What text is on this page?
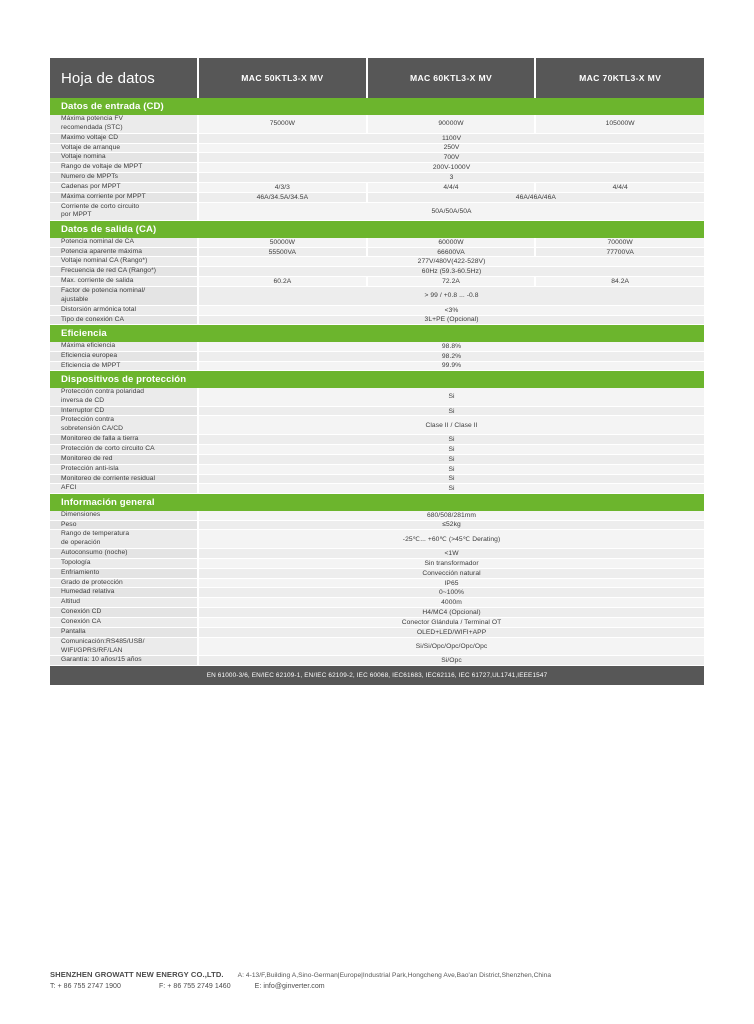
Hoja de datos	MAC 50KTL3-X MV	MAC 60KTL3-X MV	MAC 70KTL3-X MV
Datos de entrada (CD)			
Máxima potencia FV
recomendada (STC)	75000W	90000W	105000W
Maximo voltaje CD	1100V		
Voltaje de arranque	250V		
Voltaje nomina	700V		
Rango de voltaje de MPPT	200V-1000V		
Numero de MPPTs	3		
Cadenas por MPPT	4/3/3	4/4/4	4/4/4
Máxima corriente por MPPT	46A/34.5A/34.5A	46A/46A/46A	
Corriente de corto circuito
por MPPT	50A/50A/50A		
Datos de salida (CA)			
Potencia nominal de CA	50000W	60000W	70000W
Potencia aparente máxima	55500VA	66600VA	77700VA
Voltaje nominal CA (Rango*)	277V/480V(422-528V)		
Frecuencia de red CA (Rango*)	60Hz (59.3-60.5Hz)		
Max. corriente de salida	60.2A	72.2A	84.2A
Factor de potencia nominal/
ajustable	> 99 / +0.8 ... -0.8		
Distorsión armónica total	<3%		
Tipo de conexión CA	3L+PE (Opcional)		
Eficiencia			
Máxima eficiencia	98.8%		
Eficiencia europea	98.2%		
Eficiencia de MPPT	99.9%		
Dispositivos de protección			
Protección contra polaridad
inversa de CD	Si		
Interruptor CD	Si		
Protección contra
sobretensión CA/CD	Clase II / Clase II		
Monitoreo de falla a tierra	Si		
Protección de corto circuito CA	Si		
Monitoreo de red	Si		
Protección anti-isla	Si		
Monitoreo de corriente residual	Si		
AFCI	Si		
Información general			
Dimensiones	680/508/281mm		
Peso	≤52kg		
Rango de temperatura
de operación	-25℃... +60℃ (>45℃ Derating)		
Autoconsumo (noche)	<1W		
Topología	Sin transformador		
Enfriamiento	Convección natural		
Grado de protección	IP65		
Humedad relativa	0~100%		
Altitud	4000m		
Conexión CD	H4/MC4 (Opcional)		
Conexión CA	Conector Glándula / Terminal OT		
Pantalla	OLED+LED/WIFI+APP		
Comunicación:RS485/USB/
WIFI/GPRS/RF/LAN	Si/Si/Opc/Opc/Opc/Opc		
Garantía: 10 años/15 años	Si/Opc		
EN 61000-3/6, EN/IEC 62109-1, EN/IEC 62109-2, IEC 60068, IEC61683, IEC62116, IEC 61727,UL1741,IEEE1547			
SHENZHEN GROWATT NEW ENERGY CO.,LTD. A: 4-13/F,Building A,Sino-German|Europe|Industrial Park,Hongcheng Ave,Bao'an District,Shenzhen,China
T: + 86 755 2747 1900	F: + 86 755 2749 1460	E: info@ginverter.com
